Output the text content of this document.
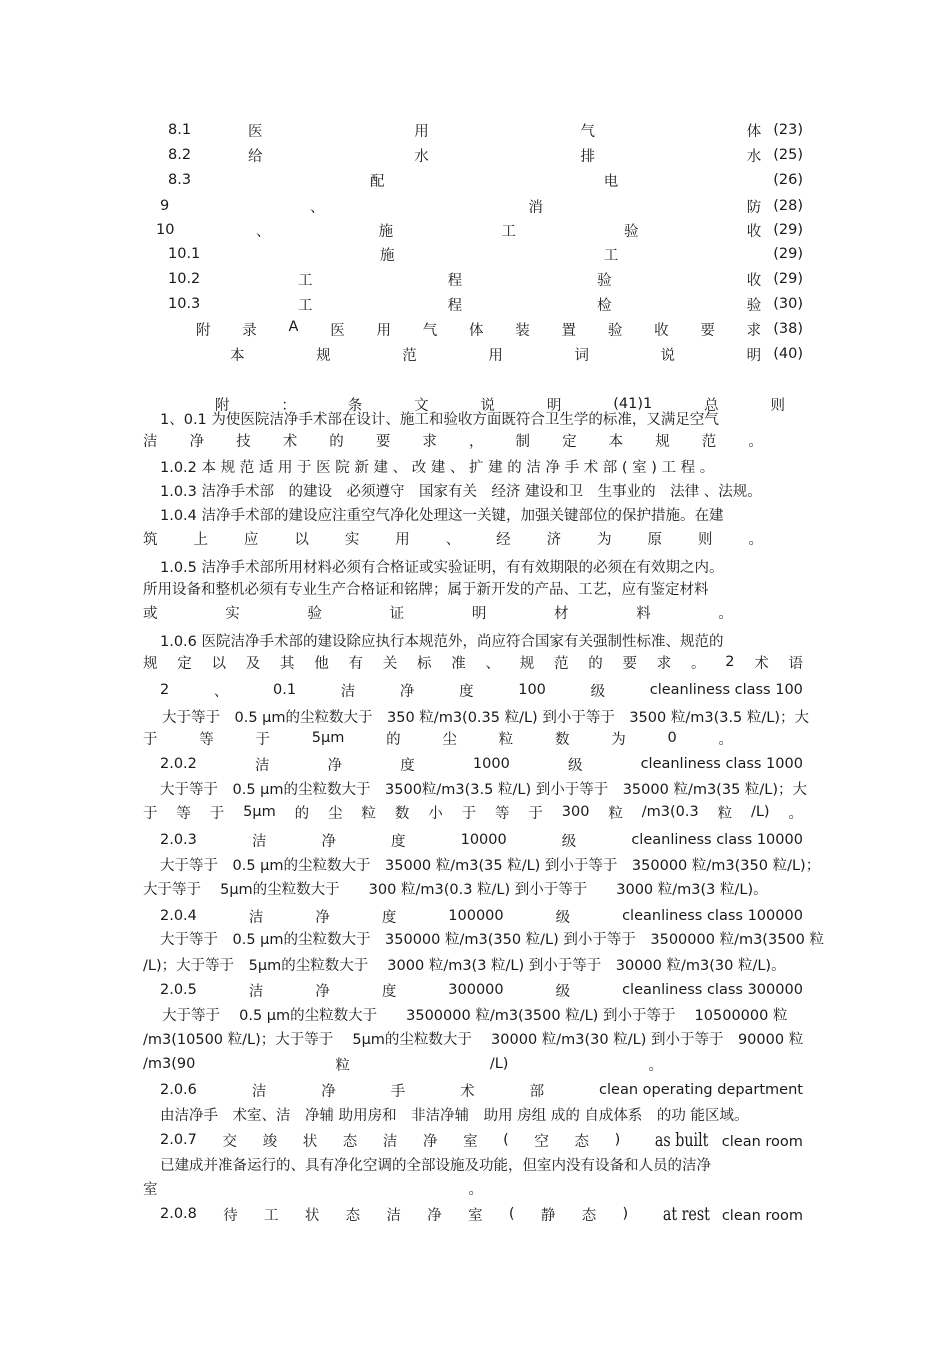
8.1	医	用	气	体 (23)
8.2	给	水	排	水 (25)
8.3	配	电	(26)
9	、	消	防 (28)
10	、	施	工	验	收 (29)
10.1	施	工	(29)
10.2	工	程	验	收 (29)
10.3	工	程	检	验 (30)
附 录 A 医 用 气 体 装 置 验 收 要 求 (38)
本	规	范	用	词	说	明 (40)
附	：	条	文	说	明	(41)1	总	则
1、0.1 为使医院洁净手术部在设计、施工和验收方面既符合卫生学的标准，又满足空气
洁 净 技 术 的 要 求 ， 制 定 本 规 范 。
1.0.2 本 规 范 适 用 于 医 院 新 建 、 改 建 、 扩 建 的 洁 净 手 术 部 ( 室 ) 工 程 。
1.0.3 洁净手术部　的建设　必须遵守　国家有关　经济 建设和卫　生事业的　法律 、法规。
1.0.4 洁净手术部的建设应注重空气净化处理这一关键，加强关键部位的保护措施。在建
筑 上 应 以 实 用 、 经 济 为 原 则 。
1.0.5 洁净手术部所用材料必须有合格证或实验证明，有有效期限的必须在有效期之内。
所用设备和整机必须有专业生产合格证和铭牌；属于新开发的产品、工艺，应有鉴定材料
或	实	验	证	明	材	料	。
1.0.6 医院洁净手术部的建设除应执行本规范外，尚应符合国家有关强制性标准、规范的
规 定 以 及 其 他 有 关 标 准 、 规 范 的 要 求 。 2 术 语
2	、	0.1	洁	净	度	100	级	cleanliness class 100
大于等于　0.5 μm的尘粒数大于　350 粒/m3(0.35 粒/L) 到小于等于　3500 粒/m3(3.5 粒/L)；大
于	等	于	5μm	的	尘	粒	数	为	0	。
2.0.2	洁	净	度	1000	级	cleanliness class 1000
大于等于　0.5 μm的尘粒数大于　3500粒/m3(3.5 粒/L) 到小于等于　35000 粒/m3(35 粒/L)；大
于 等 于 5μm 的 尘 粒 数 小 于 等 于 300 粒 /m3(0.3 粒 /L) 。
2.0.3	洁	净	度	10000	级	cleanliness class 10000
大于等于　0.5 μm的尘粒数大于　35000 粒/m3(35 粒/L) 到小于等于　350000 粒/m3(350 粒/L)；
大于等于　 5μm的尘粒数大于　　300 粒/m3(0.3 粒/L) 到小于等于　　3000 粒/m3(3 粒/L)。
2.0.4	洁	净	度	100000	级	cleanliness class 100000
大于等于　0.5 μm的尘粒数大于　350000 粒/m3(350 粒/L) 到小于等于　3500000 粒/m3(3500 粒
/L)；大于等于　5μm的尘粒数大于　 3000 粒/m3(3 粒/L) 到小于等于　30000 粒/m3(30 粒/L)。
2.0.5	洁	净	度	300000	级	cleanliness class 300000
大于等于　 0.5 μm的尘粒数大于　　3500000 粒/m3(3500 粒/L) 到小于等于　 10500000 粒
/m3(10500 粒/L)；大于等于　 5μm的尘粒数大于　 30000 粒/m3(30 粒/L) 到小于等于　90000 粒
/m3(90	粒	/L)	。
2.0.6	洁	净	手	术	部	clean operating department
由洁净手　术室、洁　净辅 助用房和　非洁净辅　助用 房组 成的 自成体系　的功 能区域。
2.0.7 交 竣 状 态 洁 净 室 ( 空 态 )	as built clean room
已建成并准备运行的、具有净化空调的全部设施及功能，但室内没有设备和人员的洁净
室	。
2.0.8 待 工 状 态 洁 净 室 ( 静 态 )	at rest clean room
